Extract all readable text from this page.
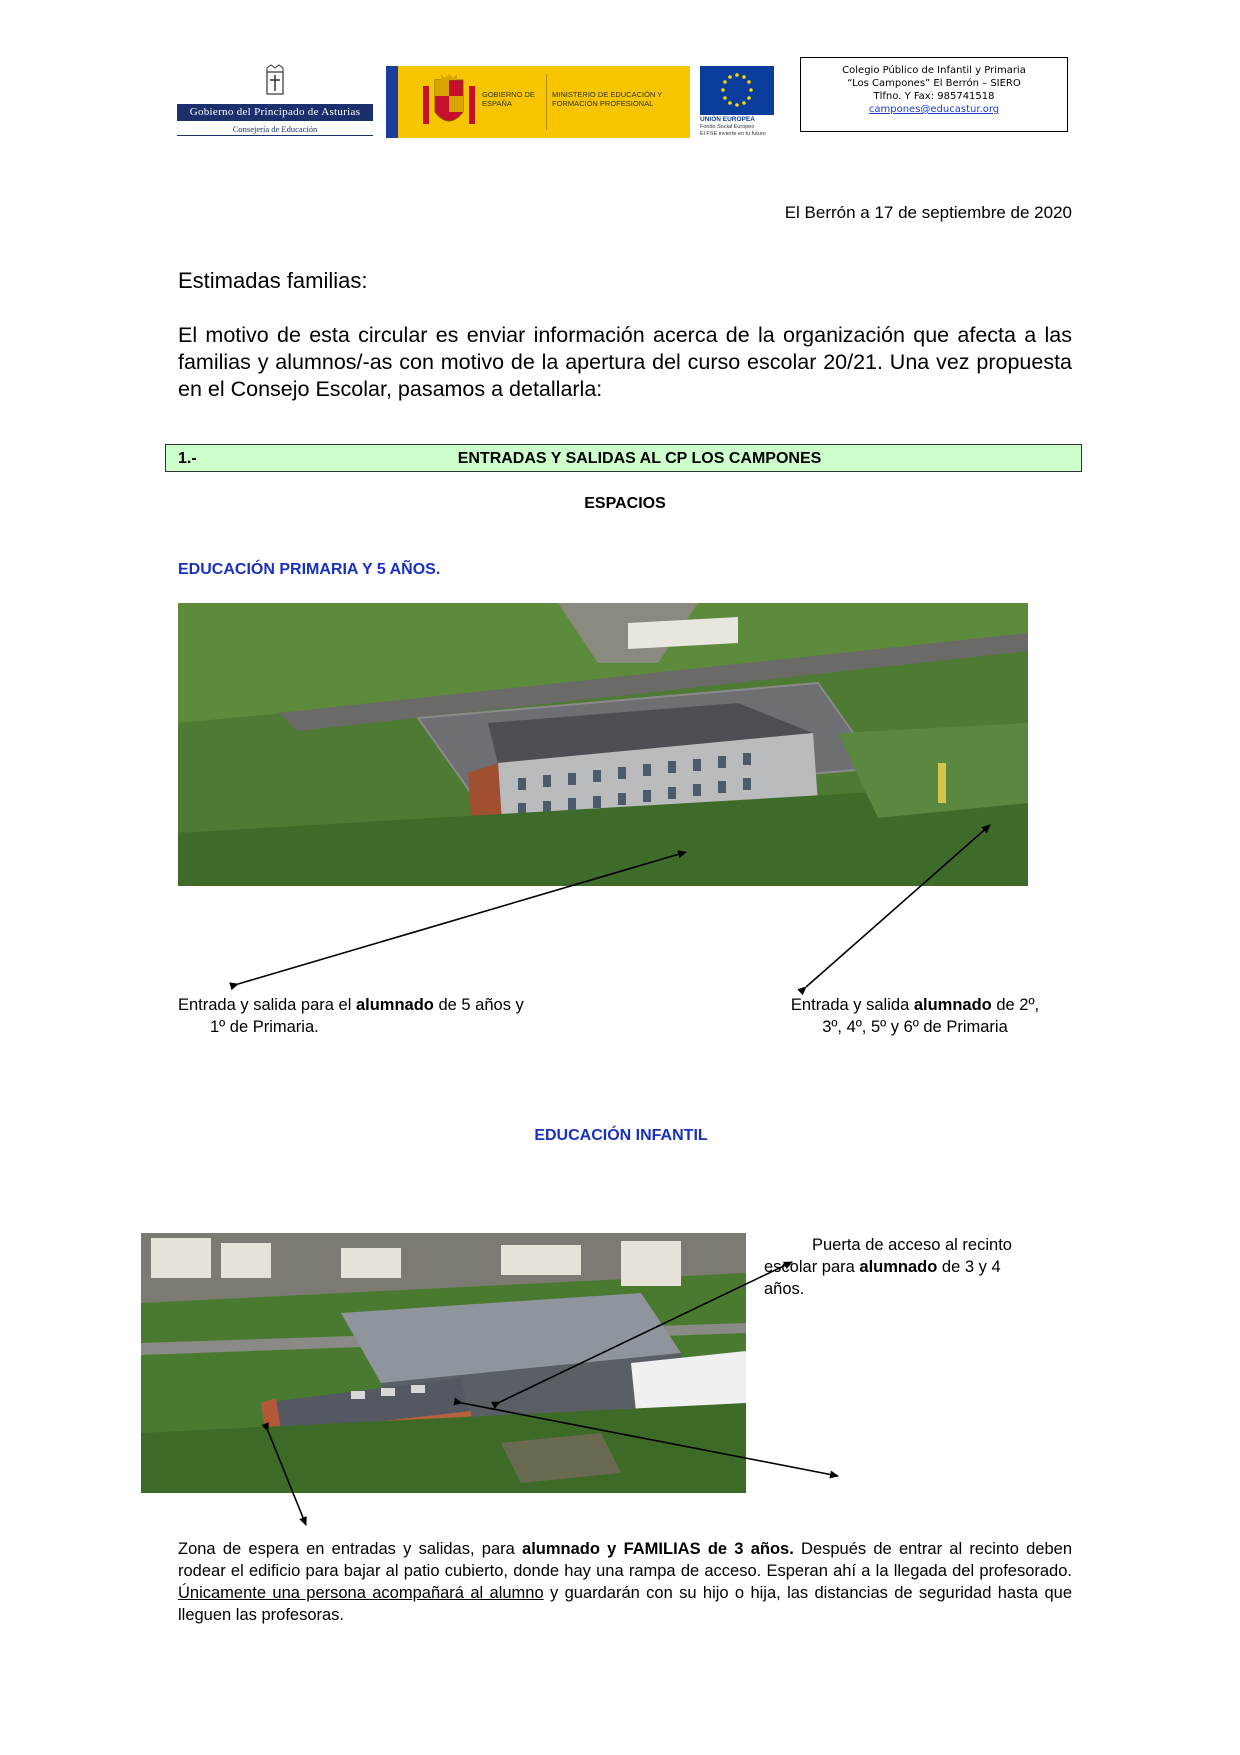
Gobierno del Principado de Asturias
Consejería de Educación
GOBIERNO DE ESPAÑA
MINISTERIO DE EDUCACIÓN Y FORMACIÓN PROFESIONAL
UNIÓN EUROPEA
Fondo Social Europeo
El FSE invierte en tu futuro
Colegio Público de Infantil y Primaria
“Los Campones” El Berrón – SIERO
Tlfno. Y Fax: 985741518
campones@educastur.org
El Berrón a 17 de septiembre de 2020
Estimadas familias:
El motivo de esta circular es enviar información acerca de la organización que afecta a las familias y alumnos/-as con motivo de la apertura del curso escolar 20/21. Una vez propuesta en el Consejo Escolar, pasamos a detallarla:
1.-	ENTRADAS Y SALIDAS AL CP LOS CAMPONES
ESPACIOS
EDUCACIÓN PRIMARIA Y 5 AÑOS.
Entrada y salida para el alumnado de 5 años y
1º de Primaria.
Entrada y salida alumnado de 2º,
3º, 4º, 5º y 6º de Primaria
EDUCACIÓN INFANTIL
Puerta de acceso al recinto
escolar para alumnado de 3 y 4
años.
Zona de espera en entradas y salidas, para alumnado y FAMILIAS de 3 años. Después de entrar al recinto deben rodear el edificio para bajar al patio cubierto, donde hay una rampa de acceso. Esperan ahí a la llegada del profesorado. Únicamente una persona acompañará al alumno y guardarán con su hijo o hija, las distancias de seguridad hasta que lleguen las profesoras.
